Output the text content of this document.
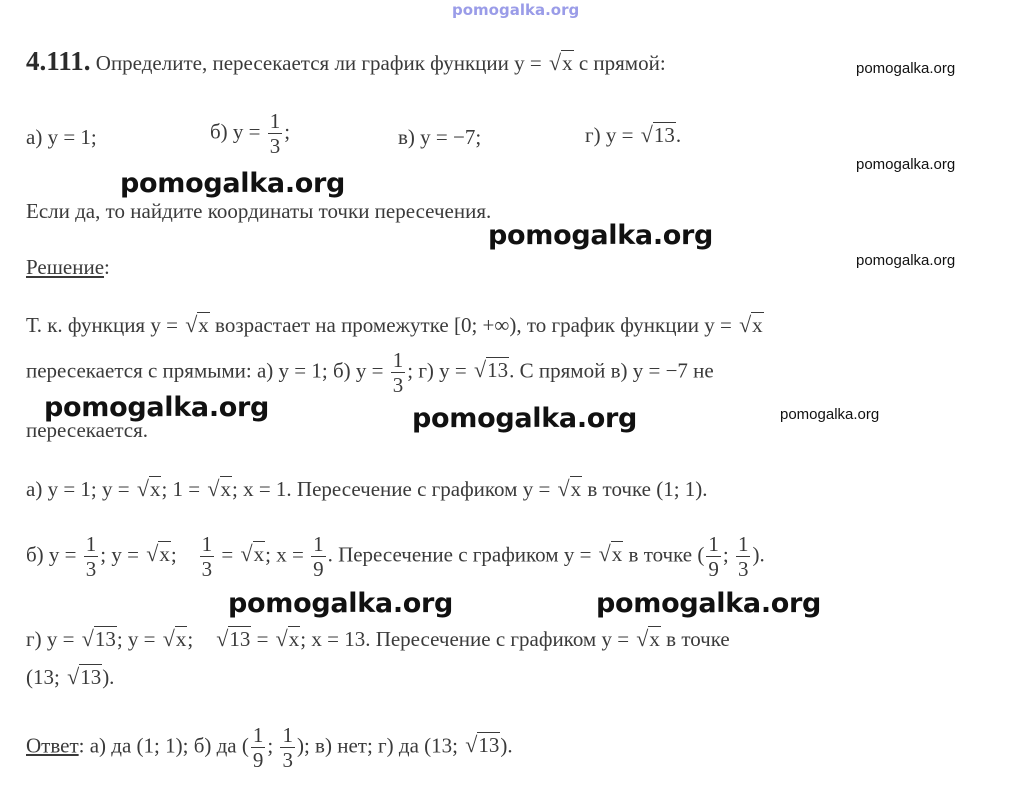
pomogalka.org
pomogalka.org
pomogalka.org
pomogalka.org
pomogalka.org
pomogalka.org
pomogalka.org
pomogalka.org	pomogalka.org
pomogalka.org	pomogalka.org
4.111. Определите, пересекается ли график функции y = √x с прямой:
а) y = 1;	б) $y = \frac{1}{3}$ ;	в) y = −7;	г) y = √13.
Если да, то найдите координаты точки пересечения.
Решение:
Т. к. функция y = √x возрастает на промежутке [0; +∞), то график функции y = √x
пересекается с прямыми: а) y = 1; б) $y = \frac{1}{3}$ ; г) y = √13. С прямой в) y = −7 не
пересекается.
а) y = 1; y = √x; 1 = √x; x = 1. Пересечение с графиком y = √x в точке (1; 1).
б) $y = \frac{1}{3}$ ; y = √x; $\frac{1}{3} = √x$; $x = \frac{1}{9}$ . Пересечение с графиком y = √x в точке ( $\frac{1}{9}$ ; $\frac{1}{3}$ ).
г) y = √13; y = √x; √13 = √x; x = 13. Пересечение с графиком y = √x в точке
(13; √13).
Ответ: а) да (1; 1); б) да ( $\frac{1}{9}$ ; $\frac{1}{3}$ ); в) нет; г) да (13; √13).
